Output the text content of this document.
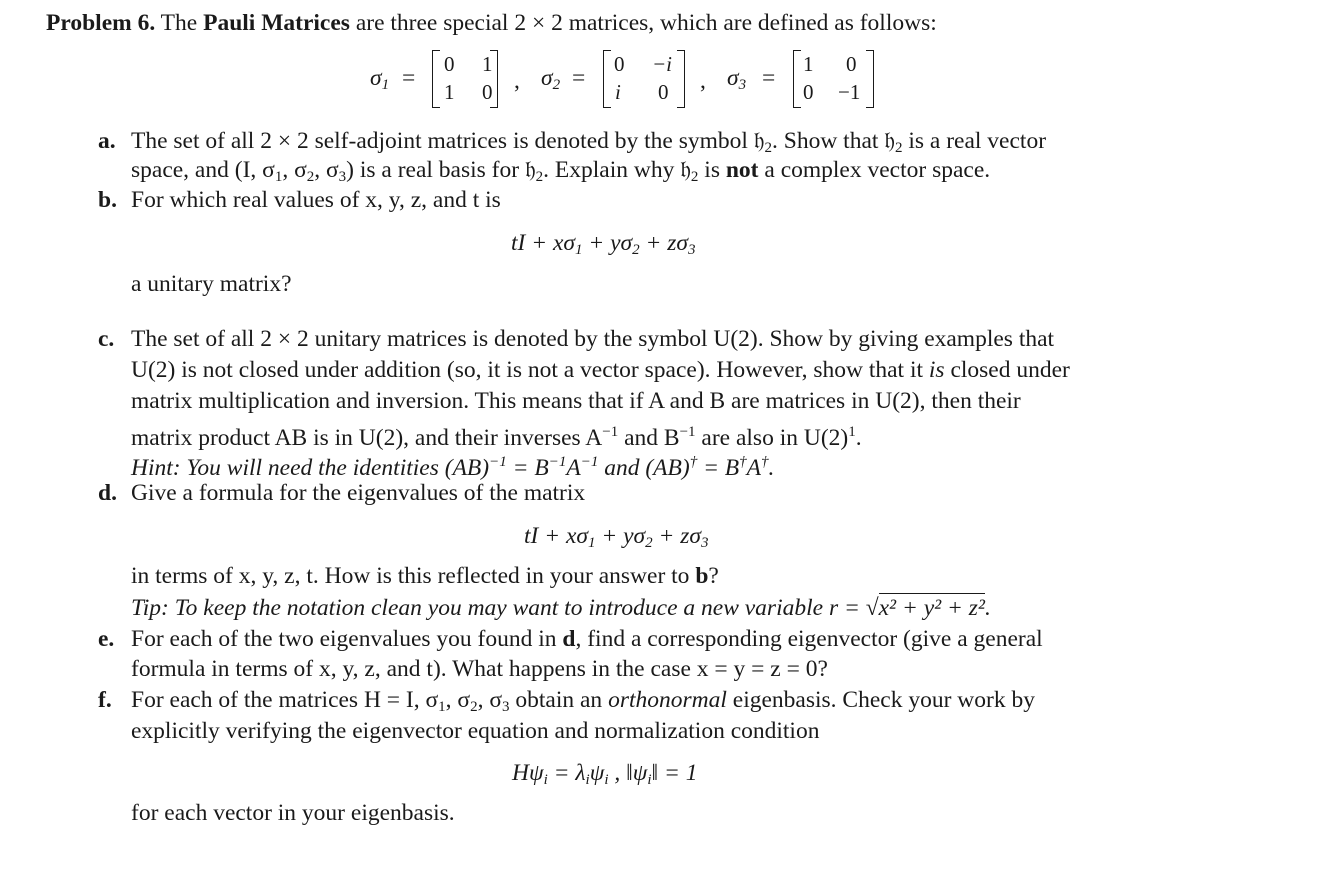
Problem 6. The Pauli Matrices are three special 2 × 2 matrices, which are defined as follows:
$\sigma_1$ =
0 1
1 0 , $\sigma_2$ =
0 −i
i 0 , $\sigma_3$ =
1 0
0 −1
a. The set of all 2 × 2 self-adjoint matrices is denoted by the symbol 𝔥$_2$. Show that 𝔥$_2$ is a real vector
space, and (I, $\sigma_1$, $\sigma_2$, $\sigma_3$) is a real basis for 𝔥$_2$. Explain why 𝔥$_2$ is not a complex vector space.
b. For which real values of x, y, z, and t is
tI + $x\sigma_1 + y\sigma_2 + z\sigma_3$
a unitary matrix?
c. The set of all 2 × 2 unitary matrices is denoted by the symbol U(2). Show by giving examples that
U(2) is not closed under addition (so, it is not a vector space). However, show that it is closed under
matrix multiplication and inversion. This means that if A and B are matrices in U(2), then their
matrix product AB is in U(2), and their inverses $A^{-1}$ and $B^{-1}$ are also in $U(2)^1$.
Hint: You will need the identities $(AB)^{-1} = B^{-1}A^{-1}$ and (AB)† = B†A†.
d. Give a formula for the eigenvalues of the matrix
tI + $x\sigma_1 + y\sigma_2 + z\sigma_3$
in terms of x, y, z, t. How is this reflected in your answer to b?
Tip: To keep the notation clean you may want to introduce a new variable r = √x² + y² + z².
e. For each of the two eigenvalues you found in d, find a corresponding eigenvector (give a general
formula in terms of x, y, z, and t). What happens in the case x = y = z = 0?
f. For each of the matrices H = I, $\sigma_1$, $\sigma_2$, $\sigma_3$ obtain an orthonormal eigenbasis. Check your work by
explicitly verifying the eigenvector equation and normalization condition
$H\psi_i = \lambda_i\psi_i$ , $‖\psi_i‖ = 1$
for each vector in your eigenbasis.
